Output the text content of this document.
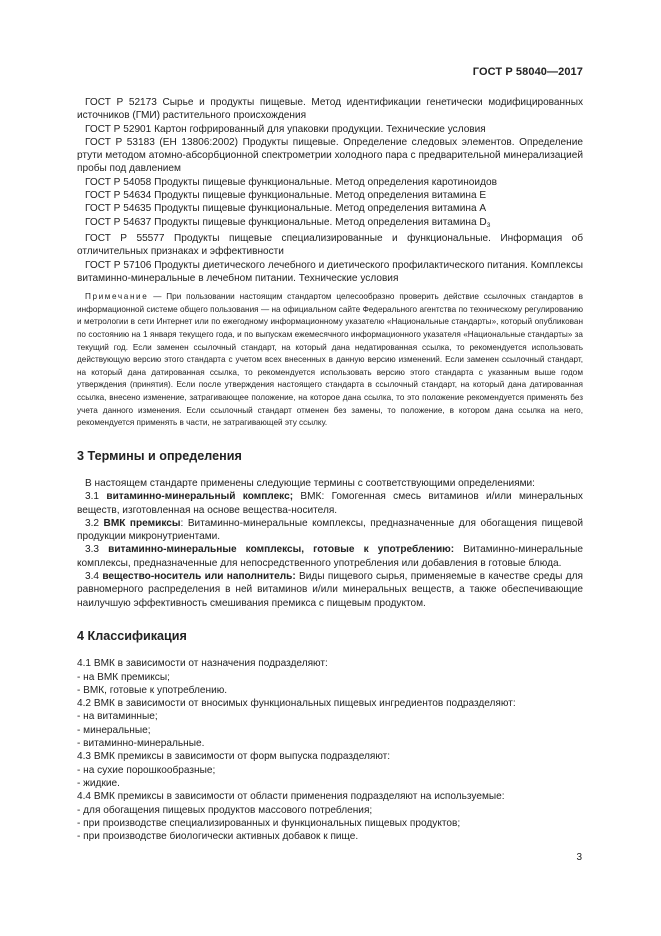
ГОСТ Р 58040—2017

ГОСТ Р 52173 Сырье и продукты пищевые. Метод идентификации генетически модифицированных источников (ГМИ) растительного происхождения

ГОСТ Р 52901 Картон гофрированный для упаковки продукции. Технические условия

ГОСТ Р 53183 (ЕН 13806:2002) Продукты пищевые. Определение следовых элементов. Определение ртути методом атомно-абсорбционной спектрометрии холодного пара с предварительной минерализацией пробы под давлением

ГОСТ Р 54058 Продукты пищевые функциональные. Метод определения каротиноидов

ГОСТ Р 54634 Продукты пищевые функциональные. Метод определения витамина Е

ГОСТ Р 54635 Продукты пищевые функциональные. Метод определения витамина А

ГОСТ Р 54637 Продукты пищевые функциональные. Метод определения витамина $D_3$

ГОСТ Р 55577 Продукты пищевые специализированные и функциональные. Информация об отличительных признаках и эффективности

ГОСТ Р 57106 Продукты диетического лечебного и диетического профилактического питания. Комплексы витаминно-минеральные в лечебном питании. Технические условия

Примечание — При пользовании настоящим стандартом целесообразно проверить действие ссылочных стандартов в информационной системе общего пользования — на официальном сайте Федерального агентства по техническому регулированию и метрологии в сети Интернет или по ежегодному информационному указателю «Национальные стандарты», который опубликован по состоянию на 1 января текущего года, и по выпускам ежемесячного информационного указателя «Национальные стандарты» за текущий год. Если заменен ссылочный стандарт, на который дана недатированная ссылка, то рекомендуется использовать действующую версию этого стандарта с учетом всех внесенных в данную версию изменений. Если заменен ссылочный стандарт, на который дана датированная ссылка, то рекомендуется использовать версию этого стандарта с указанным выше годом утверждения (принятия). Если после утверждения настоящего стандарта в ссылочный стандарт, на который дана датированная ссылка, внесено изменение, затрагивающее положение, на которое дана ссылка, то это положение рекомендуется применять без учета данного изменения. Если ссылочный стандарт отменен без замены, то положение, в котором дана ссылка на него, рекомендуется применять в части, не затрагивающей эту ссылку.

3 Термины и определения

В настоящем стандарте применены следующие термины с соответствующими определениями:

3.1 витаминно-минеральный комплекс; ВМК: Гомогенная смесь витаминов и/или минеральных веществ, изготовленная на основе вещества-носителя.

3.2 ВМК премиксы: Витаминно-минеральные комплексы, предназначенные для обогащения пищевой продукции микронутриентами.

3.3 витаминно-минеральные комплексы, готовые к употреблению: Витаминно-минеральные комплексы, предназначенные для непосредственного употребления или добавления в готовые блюда.

3.4 вещество-носитель или наполнитель: Виды пищевого сырья, применяемые в качестве среды для равномерного распределения в ней витаминов и/или минеральных веществ, а также обеспечивающие наилучшую эффективность смешивания премикса с пищевым продуктом.

4 Классификация

4.1 ВМК в зависимости от назначения подразделяют:

- на ВМК премиксы;

- ВМК, готовые к употреблению.

4.2 ВМК в зависимости от вносимых функциональных пищевых ингредиентов подразделяют:

- на витаминные;

- минеральные;

- витаминно-минеральные.

4.3 ВМК премиксы в зависимости от форм выпуска подразделяют:

- на сухие порошкообразные;

- жидкие.

4.4 ВМК премиксы в зависимости от области применения подразделяют на используемые:

- для обогащения пищевых продуктов массового потребления;

- при производстве специализированных и функциональных пищевых продуктов;

- при производстве биологически активных добавок к пище.

3
